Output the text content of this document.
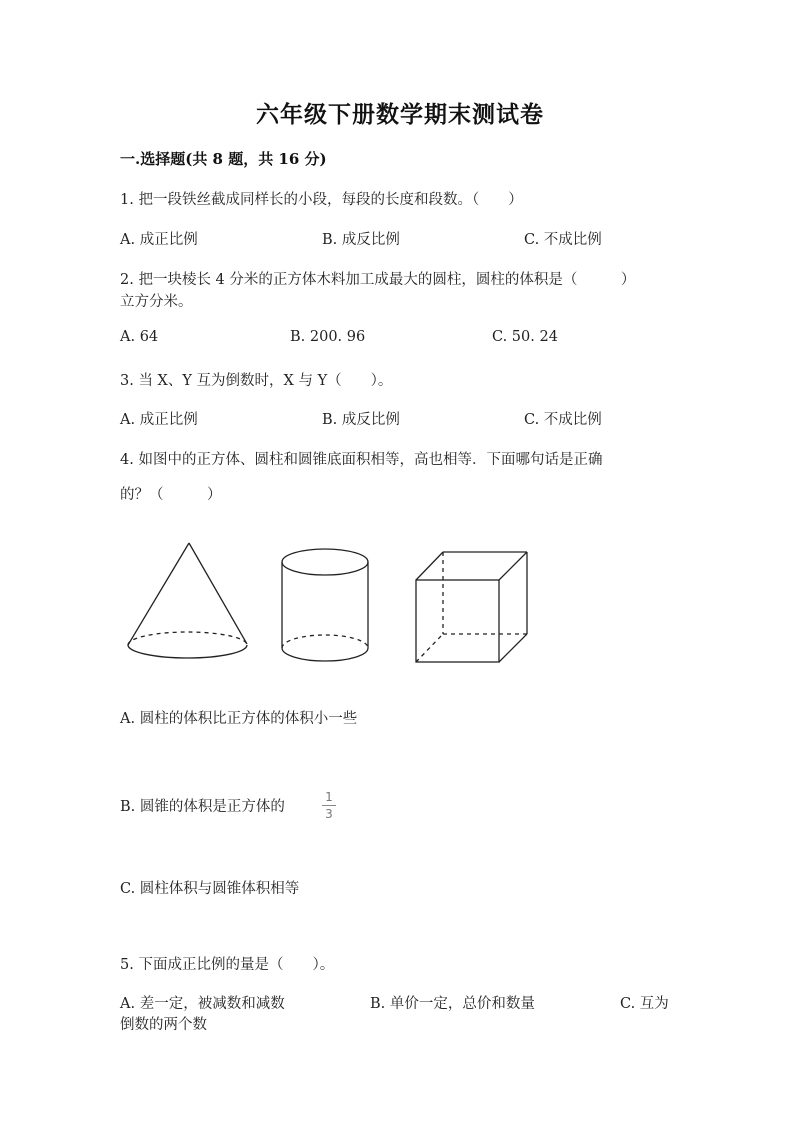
六年级下册数学期末测试卷
一.选择题(共 8 题，共 16 分)
1. 把一段铁丝截成同样长的小段，每段的长度和段数。（　　）
A. 成正比例	B. 成反比例	C. 不成比例
2. 把一块棱长 4 分米的正方体木料加工成最大的圆柱，圆柱的体积是（　　　）
立方分米。
A. 64	B. 200. 96	C. 50. 24
3. 当 X、Y 互为倒数时，X 与 Y（　　）。
A. 成正比例	B. 成反比例	C. 不成比例
4. 如图中的正方体、圆柱和圆锥底面积相等，高也相等．下面哪句话是正确
的？（　　　）
A. 圆柱的体积比正方体的体积小一些
B. 圆锥的体积是正方体的
1
3
C. 圆柱体积与圆锥体积相等
5. 下面成正比例的量是（　　）。
A. 差一定，被减数和减数	B. 单价一定，总价和数量	C. 互为
倒数的两个数
